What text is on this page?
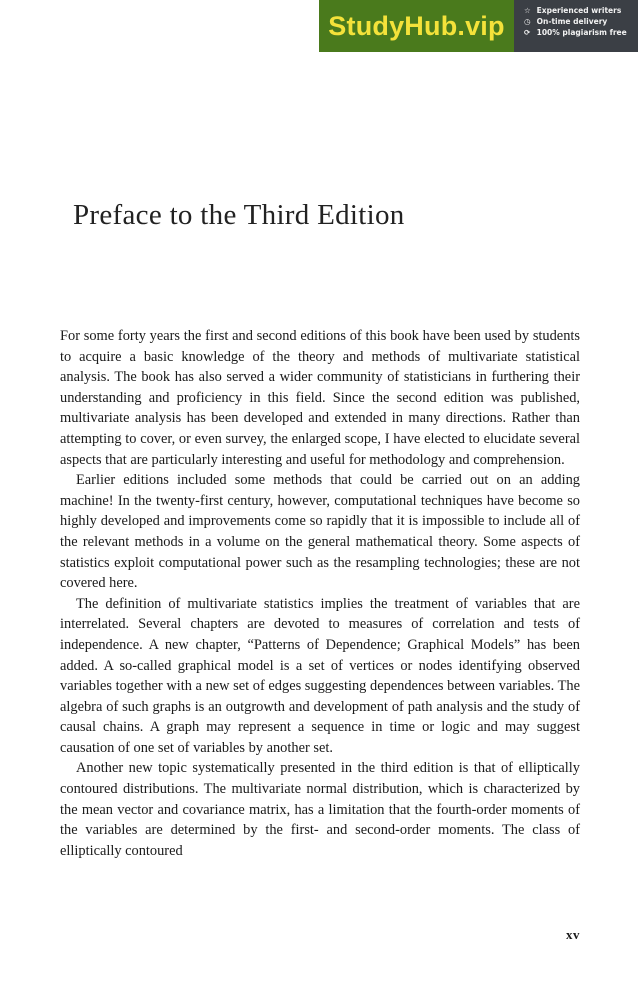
StudyHub.vip	☆ Experienced writers
◷ On-time delivery
⟳ 100% plagiarism free
Preface to the Third Edition

For some forty years the first and second editions of this book have been used by students to acquire a basic knowledge of the theory and methods of multivariate statistical analysis. The book has also served a wider community of statisticians in furthering their understanding and proficiency in this field. Since the second edition was published, multivariate analysis has been developed and extended in many directions. Rather than attempting to cover, or even survey, the enlarged scope, I have elected to elucidate several aspects that are particularly interesting and useful for methodology and comprehension.

Earlier editions included some methods that could be carried out on an adding machine! In the twenty-first century, however, computational techniques have become so highly developed and improvements come so rapidly that it is impossible to include all of the relevant methods in a volume on the general mathematical theory. Some aspects of statistics exploit computational power such as the resampling technologies; these are not covered here.

The definition of multivariate statistics implies the treatment of variables that are interrelated. Several chapters are devoted to measures of correlation and tests of independence. A new chapter, “Patterns of Dependence; Graphical Models” has been added. A so-called graphical model is a set of vertices or nodes identifying observed variables together with a new set of edges suggesting dependences between variables. The algebra of such graphs is an outgrowth and development of path analysis and the study of causal chains. A graph may represent a sequence in time or logic and may suggest causation of one set of variables by another set.

Another new topic systematically presented in the third edition is that of elliptically contoured distributions. The multivariate normal distribution, which is characterized by the mean vector and covariance matrix, has a limitation that the fourth-order moments of the variables are determined by the first- and second-order moments. The class of elliptically contoured

xv
